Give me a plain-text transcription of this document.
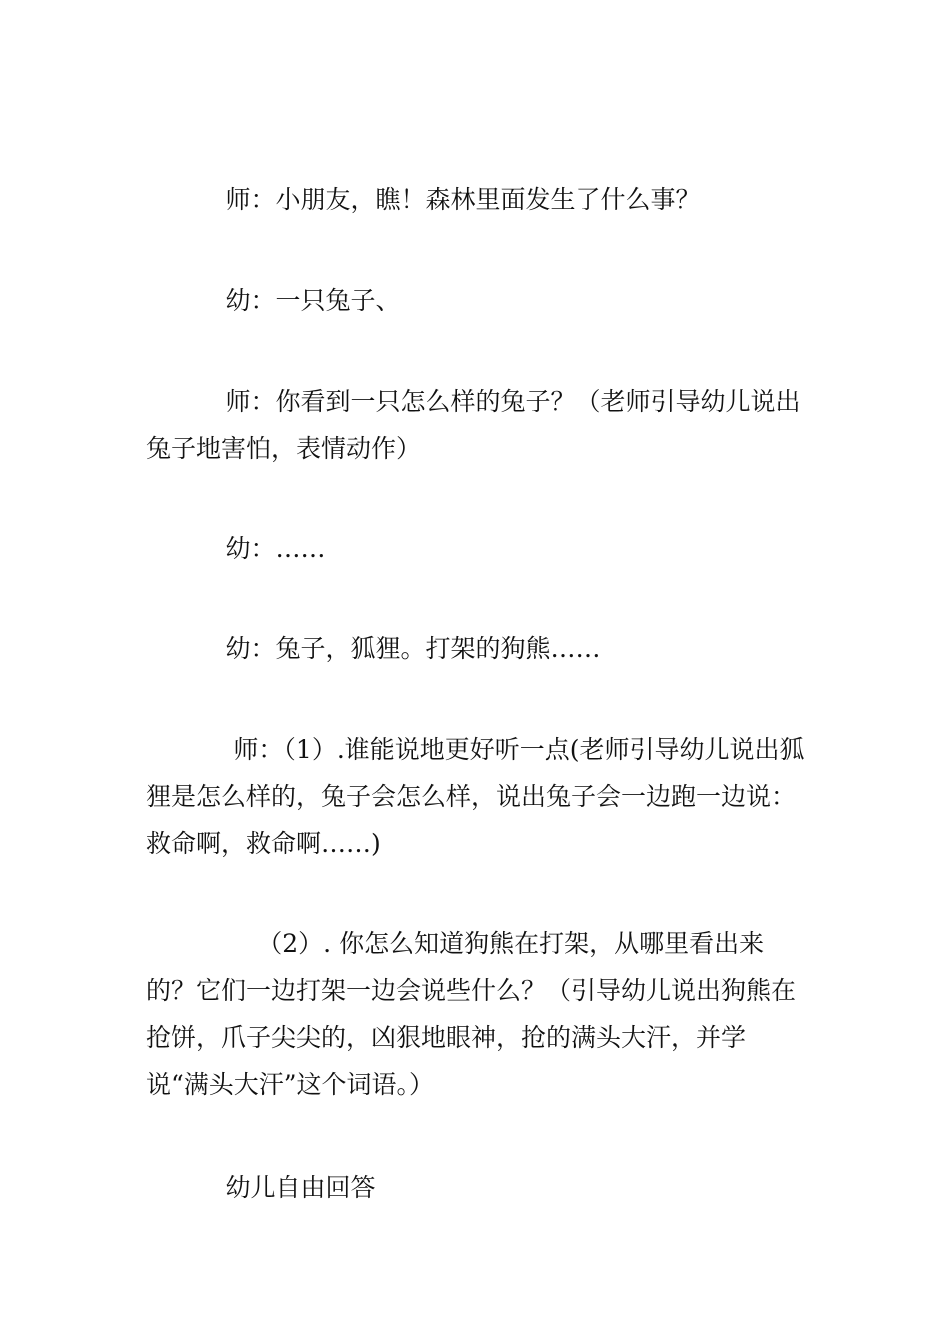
师：小朋友，瞧！森林里面发生了什么事？

幼：一只兔子、

师：你看到一只怎么样的兔子？（老师引导幼儿说出兔子地害怕，表情动作）

幼：……

幼：兔子，狐狸。打架的狗熊……

师：（1）.谁能说地更好听一点(老师引导幼儿说出狐狸是怎么样的，兔子会怎么样，说出兔子会一边跑一边说：救命啊，救命啊……)

（2）. 你怎么知道狗熊在打架，从哪里看出来的？它们一边打架一边会说些什么？（引导幼儿说出狗熊在抢饼，爪子尖尖的，凶狠地眼神，抢的满头大汗，并学说“满头大汗”这个词语。）

幼儿自由回答
